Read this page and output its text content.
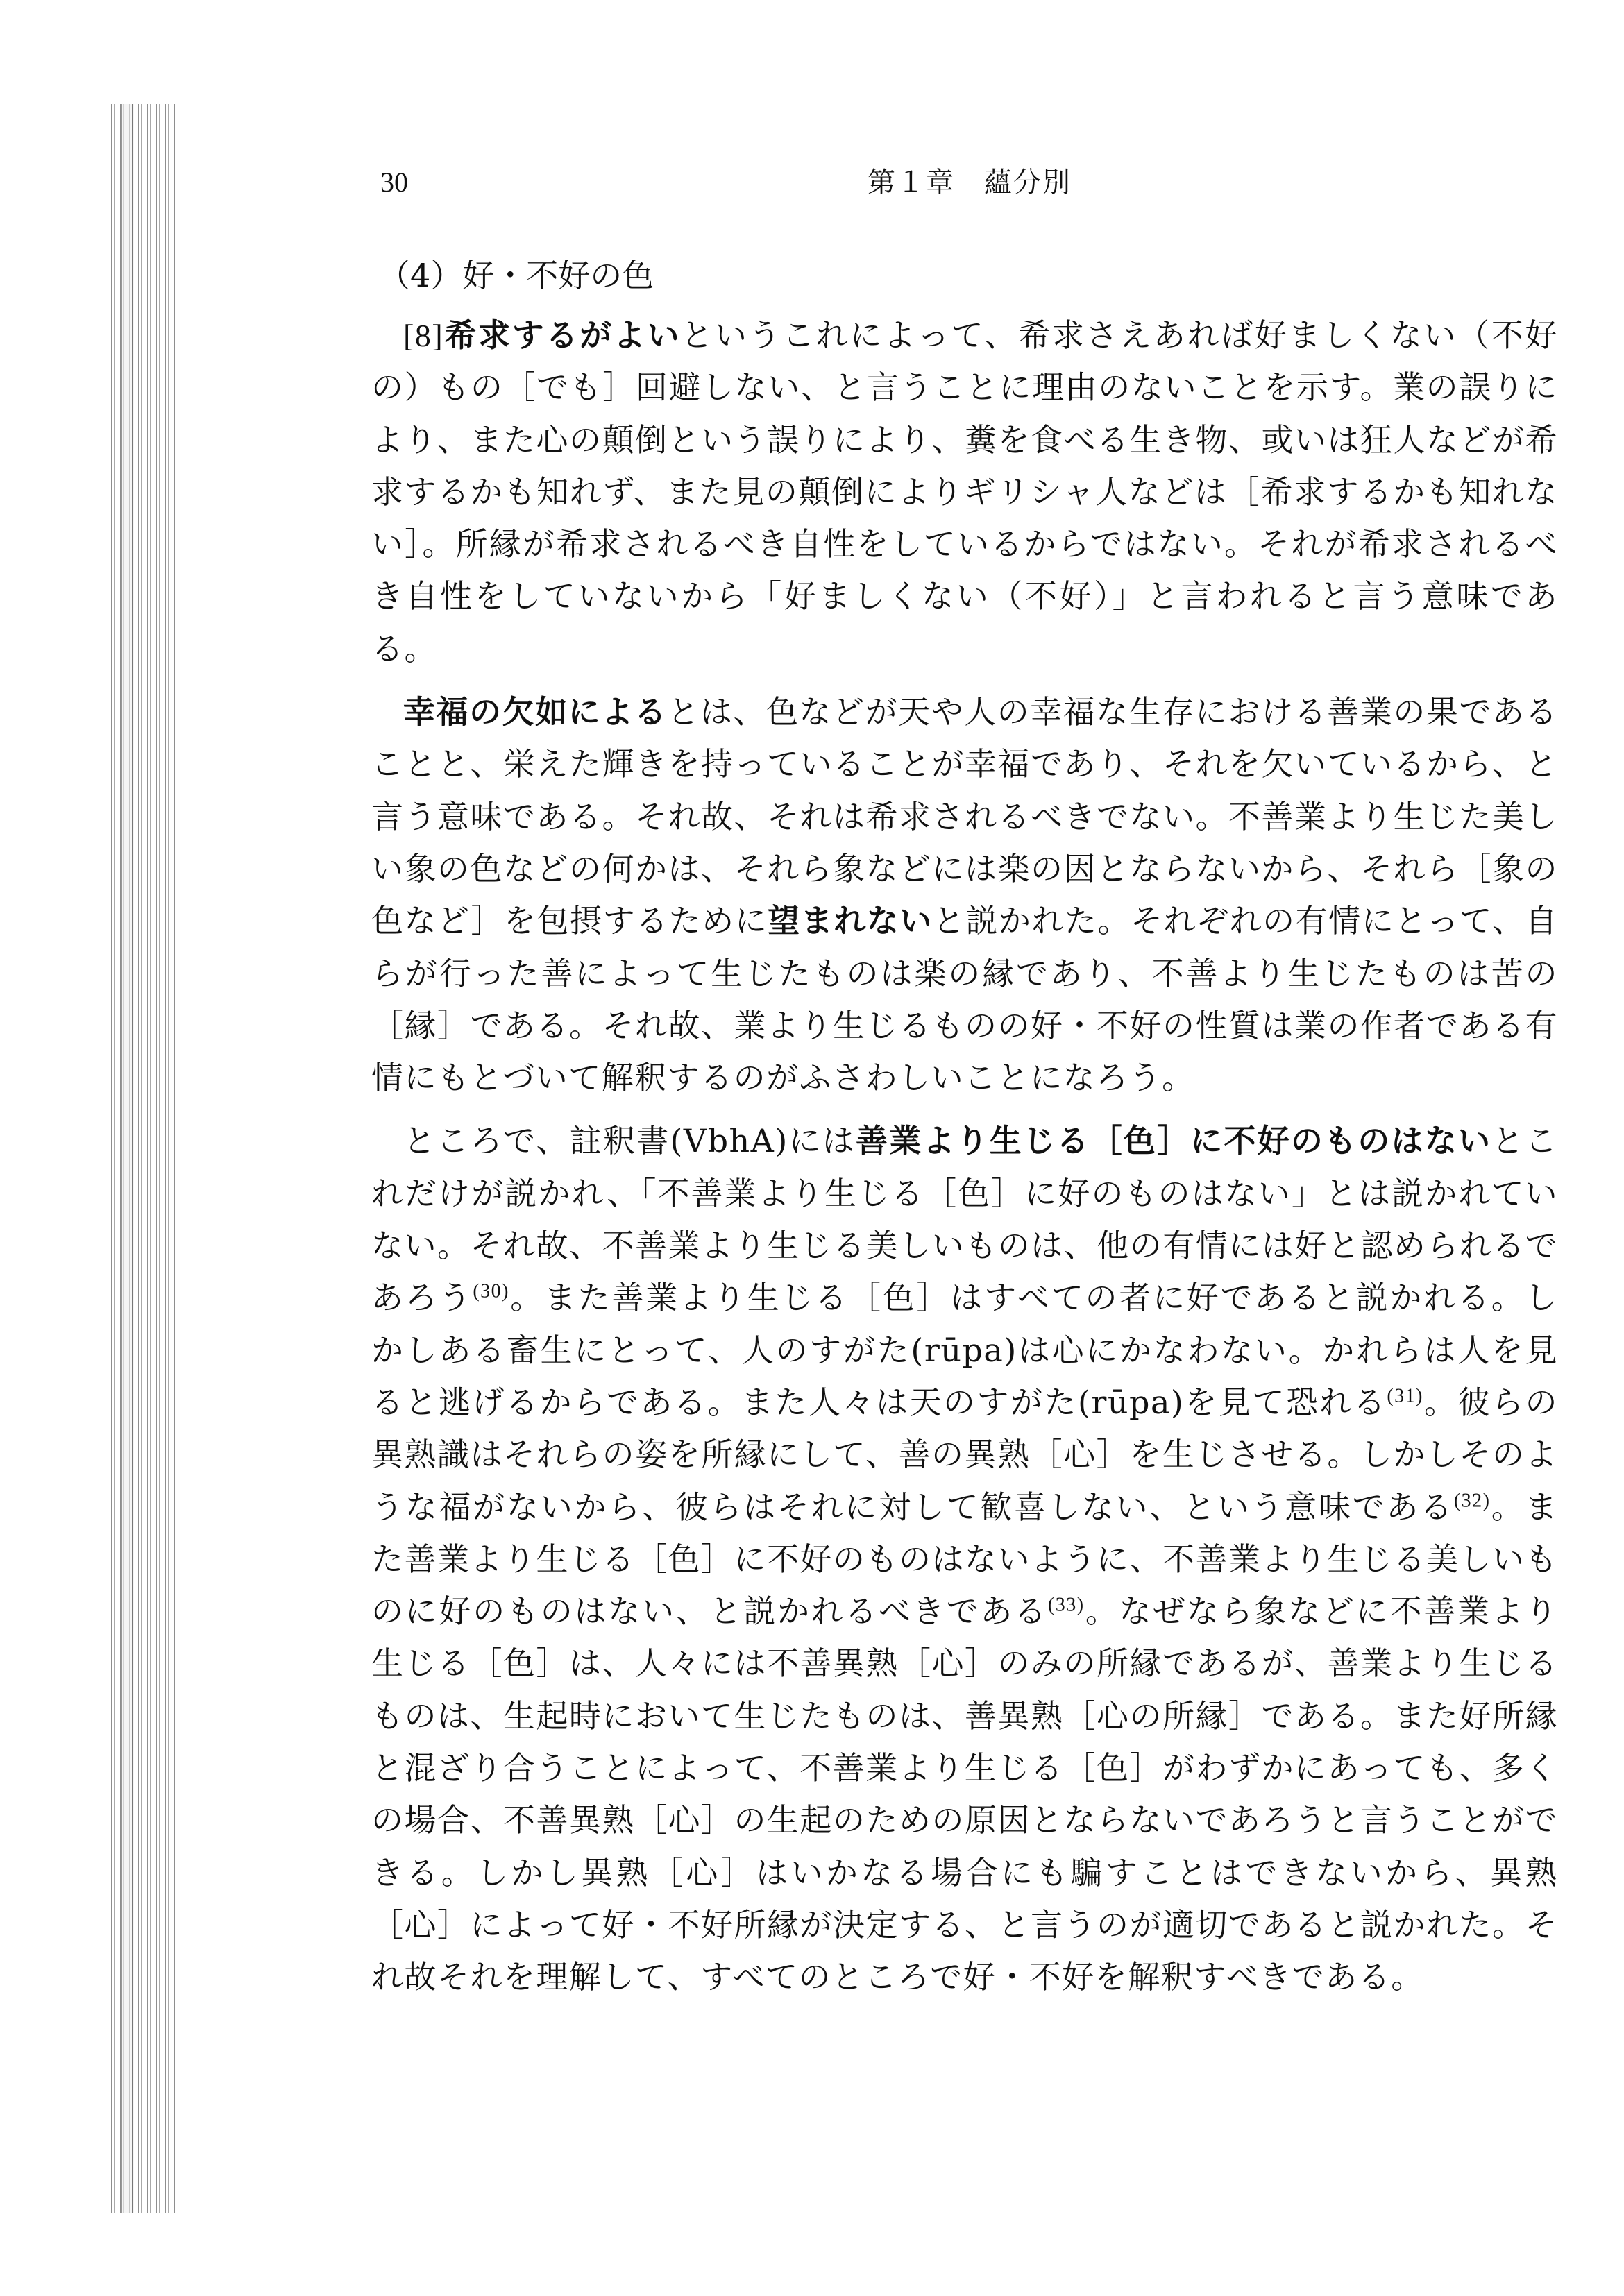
30	第１章　蘊分別
（4）好・不好の色

[8]希求するがよいというこれによって、希求さえあれば好ましくない（不好の）もの［でも］回避しない、と言うことに理由のないことを示す。業の誤りにより、また心の顛倒という誤りにより、糞を食べる生き物、或いは狂人などが希求するかも知れず、また見の顛倒によりギリシャ人などは［希求するかも知れない］。所縁が希求されるべき自性をしているからではない。それが希求されるべき自性をしていないから「好ましくない（不好）」と言われると言う意味である。

幸福の欠如によるとは、色などが天や人の幸福な生存における善業の果であることと、栄えた輝きを持っていることが幸福であり、それを欠いているから、と言う意味である。それ故、それは希求されるべきでない。不善業より生じた美しい象の色などの何かは、それら象などには楽の因とならないから、それら［象の色など］を包摂するために望まれないと説かれた。それぞれの有情にとって、自らが行った善によって生じたものは楽の縁であり、不善より生じたものは苦の［縁］である。それ故、業より生じるものの好・不好の性質は業の作者である有情にもとづいて解釈するのがふさわしいことになろう。

ところで、註釈書(VbhA)には善業より生じる［色］に不好のものはないとこれだけが説かれ、「不善業より生じる［色］に好のものはない」とは説かれていない。それ故、不善業より生じる美しいものは、他の有情には好と認められるであろう$^{(30)}$。また善業より生じる［色］はすべての者に好であると説かれる。しかしある畜生にとって、人のすがた(rūpa)は心にかなわない。かれらは人を見ると逃げるからである。また人々は天のすがた(rūpa)を見て恐れる$^{(31)}$。彼らの異熟識はそれらの姿を所縁にして、善の異熟［心］を生じさせる。しかしそのような福がないから、彼らはそれに対して歓喜しない、という意味である$^{(32)}$。また善業より生じる［色］に不好のものはないように、不善業より生じる美しいものに好のものはない、と説かれるべきである$^{(33)}$。なぜなら象などに不善業より生じる［色］は、人々には不善異熟［心］のみの所縁であるが、善業より生じるものは、生起時において生じたものは、善異熟［心の所縁］である。また好所縁と混ざり合うことによって、不善業より生じる［色］がわずかにあっても、多くの場合、不善異熟［心］の生起のための原因とならないであろうと言うことができる。しかし異熟［心］はいかなる場合にも騙すことはできないから、異熟［心］によって好・不好所縁が決定する、と言うのが適切であると説かれた。それ故それを理解して、すべてのところで好・不好を解釈すべきである。
